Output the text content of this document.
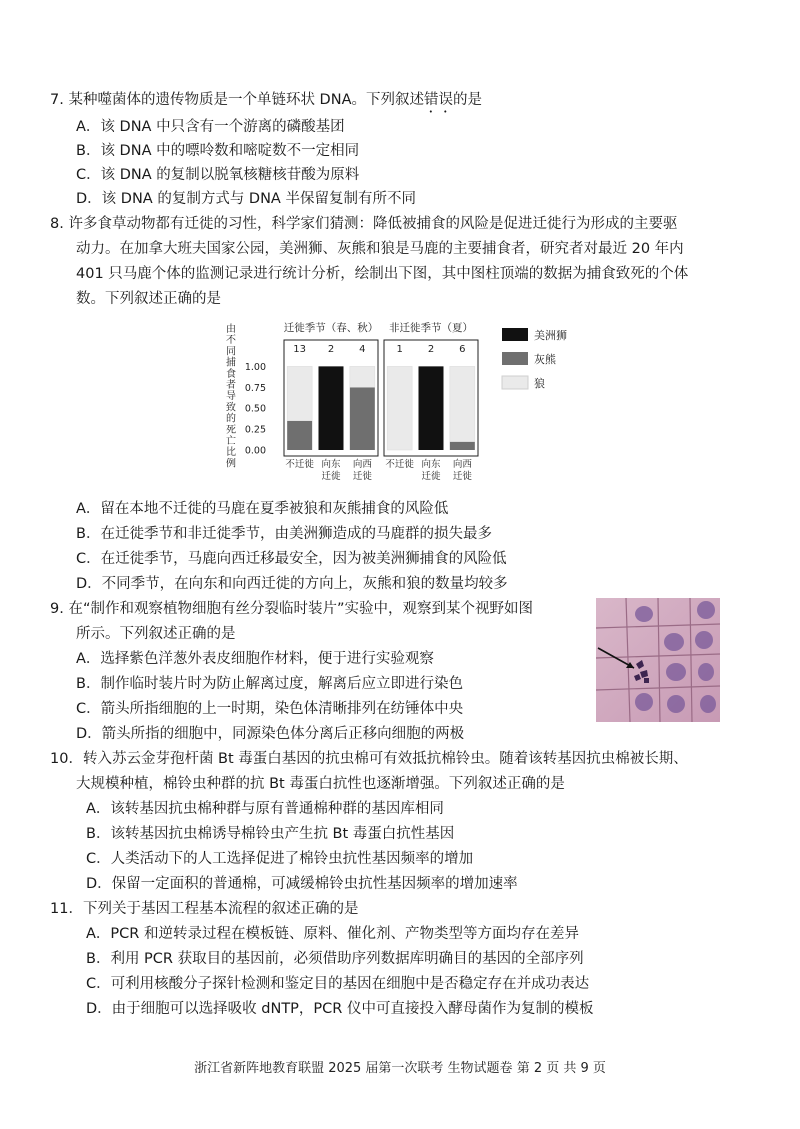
7. 某种噬菌体的遗传物质是一个单链环状 DNA。下列叙述错误的是
A．该 DNA 中只含有一个游离的磷酸基团
B．该 DNA 中的嘌呤数和嘧啶数不一定相同
C．该 DNA 的复制以脱氧核糖核苷酸为原料
D．该 DNA 的复制方式与 DNA 半保留复制有所不同
8. 许多食草动物都有迁徙的习性，科学家们猜测：降低被捕食的风险是促进迁徙行为形成的主要驱
动力。在加拿大班夫国家公园，美洲狮、灰熊和狼是马鹿的主要捕食者，研究者对最近 20 年内
401 只马鹿个体的监测记录进行统计分析，绘制出下图，其中图柱顶端的数据为捕食致死的个体
数。下列叙述正确的是
由
不
同
捕
食
者
导
致
的
死
亡
比
例
1.00
0.75
0.50
0.25
0.00
迁徙季节（春、秋）
13
不迁徙
2
向东
迁徙
4
向西
迁徙
非迁徙季节（夏）
1
不迁徙
2
向东
迁徙
6
向西
迁徙
美洲狮
灰熊
狼
A．留在本地不迁徙的马鹿在夏季被狼和灰熊捕食的风险低
B．在迁徙季节和非迁徙季节，由美洲狮造成的马鹿群的损失最多
C．在迁徙季节，马鹿向西迁移最安全，因为被美洲狮捕食的风险低
D．不同季节，在向东和向西迁徙的方向上，灰熊和狼的数量均较多
9. 在“制作和观察植物细胞有丝分裂临时装片”实验中，观察到某个视野如图
所示。下列叙述正确的是
A．选择紫色洋葱外表皮细胞作材料，便于进行实验观察
B．制作临时装片时为防止解离过度，解离后应立即进行染色
C．箭头所指细胞的上一时期，染色体清晰排列在纺锤体中央
D．箭头所指的细胞中，同源染色体分离后正移向细胞的两极
10．转入苏云金芽孢杆菌 Bt 毒蛋白基因的抗虫棉可有效抵抗棉铃虫。随着该转基因抗虫棉被长期、
大规模种植，棉铃虫种群的抗 Bt 毒蛋白抗性也逐渐增强。下列叙述正确的是
A．该转基因抗虫棉种群与原有普通棉种群的基因库相同
B．该转基因抗虫棉诱导棉铃虫产生抗 Bt 毒蛋白抗性基因
C．人类活动下的人工选择促进了棉铃虫抗性基因频率的增加
D．保留一定面积的普通棉，可减缓棉铃虫抗性基因频率的增加速率
11．下列关于基因工程基本流程的叙述正确的是
A．PCR 和逆转录过程在模板链、原料、催化剂、产物类型等方面均存在差异
B．利用 PCR 获取目的基因前，必须借助序列数据库明确目的基因的全部序列
C．可利用核酸分子探针检测和鉴定目的基因在细胞中是否稳定存在并成功表达
D．由于细胞可以选择吸收 dNTP，PCR 仪中可直接投入酵母菌作为复制的模板
浙江省新阵地教育联盟 2025 届第一次联考 生物试题卷 第 2 页 共 9 页
